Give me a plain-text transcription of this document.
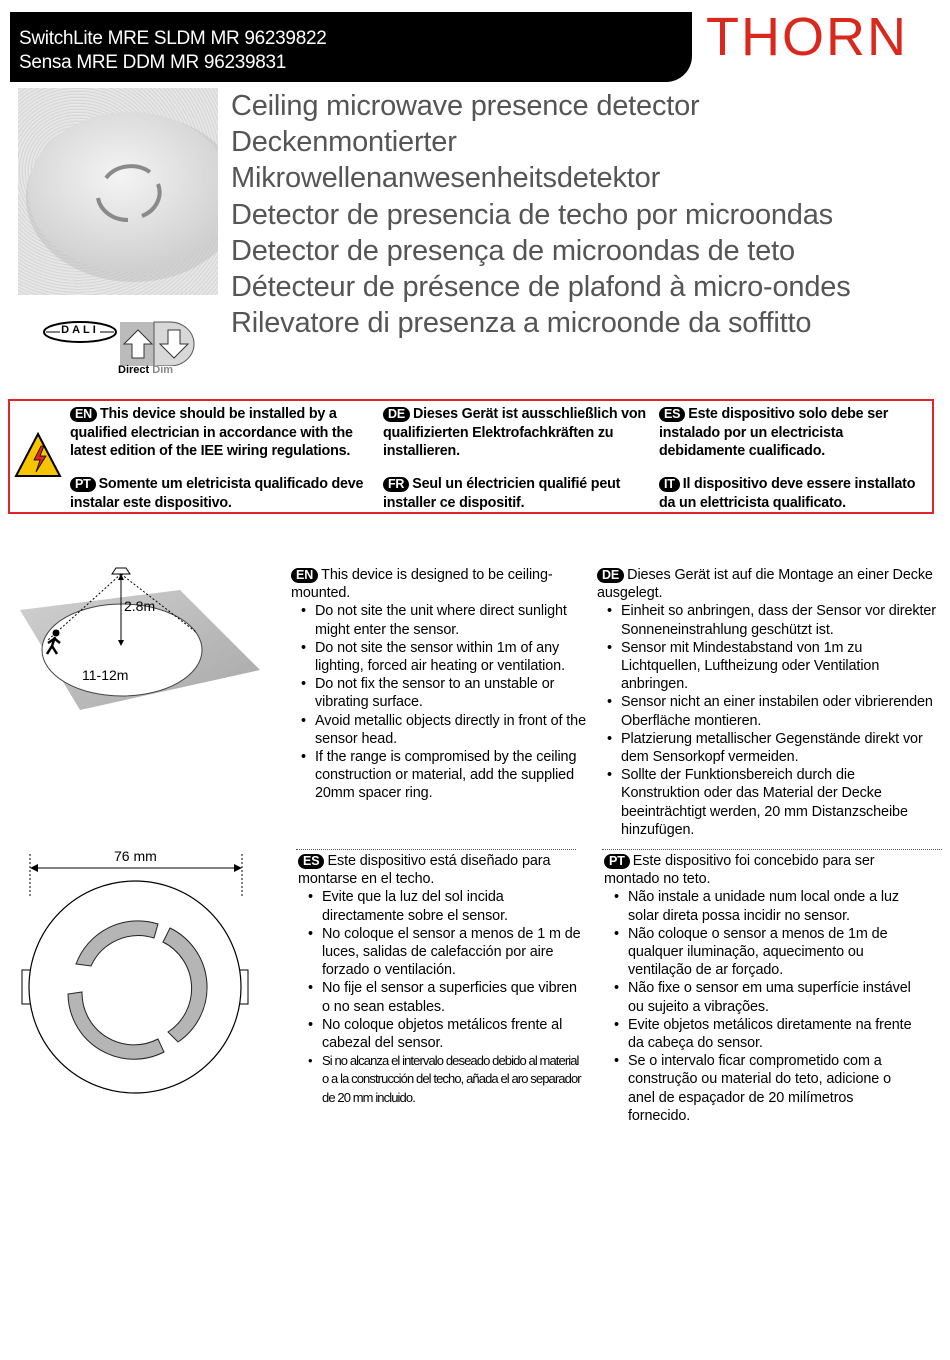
SwitchLite MRE SLDM MR 96239822
Sensa MRE DDM MR 96239831	THORN
Ceiling microwave presence detector
Deckenmontierter
Mikrowellenanwesenheitsdetektor
Detector de presencia de techo por microondas
Detector de presença de microondas de teto
Détecteur de présence de plafond à micro-ondes
Rilevatore di presenza a microonde da soffitto
DALI
Direct Dim
EN This device should be installed by a qualified electrician in accordance with the latest edition of the IEE wiring regulations.
DE Dieses Gerät ist ausschließlich von qualifizierten Elektrofachkräften zu installieren.
ES Este dispositivo solo debe ser instalado por un electricista debidamente cualificado.
PT Somente um eletricista qualificado deve instalar este dispositivo.
FR Seul un électricien qualifié peut installer ce dispositif.
IT Il dispositivo deve essere installato da un elettricista qualificato.
2.8m
11-12m
76 mm
EN This device is designed to be ceiling-mounted.
• Do not site the unit where direct sunlight might enter the sensor.
• Do not site the sensor within 1m of any lighting, forced air heating or ventilation.
• Do not fix the sensor to an unstable or vibrating surface.
• Avoid metallic objects directly in front of the sensor head.
• If the range is compromised by the ceiling construction or material, add the supplied 20mm spacer ring.
DE Dieses Gerät ist auf die Montage an einer Decke ausgelegt.
• Einheit so anbringen, dass der Sensor vor direkter Sonneneinstrahlung geschützt ist.
• Sensor mit Mindestabstand von 1m zu Lichtquellen, Luftheizung oder Ventilation anbringen.
• Sensor nicht an einer instabilen oder vibrierenden Oberfläche montieren.
• Platzierung metallischer Gegenstände direkt vor dem Sensorkopf vermeiden.
• Sollte der Funktionsbereich durch die Konstruktion oder das Material der Decke beeinträchtigt werden, 20 mm Distanzscheibe hinzufügen.
ES Este dispositivo está diseñado para montarse en el techo.
• Evite que la luz del sol incida directamente sobre el sensor.
• No coloque el sensor a menos de 1 m de luces, salidas de calefacción por aire forzado o ventilación.
• No fije el sensor a superficies que vibren o no sean estables.
• No coloque objetos metálicos frente al cabezal del sensor.
• Si no alcanza el intervalo deseado debido al material o a la construcción del techo, añada el aro separador de 20 mm incluido.
PT Este dispositivo foi concebido para ser montado no teto.
• Não instale a unidade num local onde a luz solar direta possa incidir no sensor.
• Não coloque o sensor a menos de 1m de qualquer iluminação, aquecimento ou ventilação de ar forçado.
• Não fixe o sensor em uma superfície instável ou sujeito a vibrações.
• Evite objetos metálicos diretamente na frente da cabeça do sensor.
• Se o intervalo ficar comprometido com a construção ou material do teto, adicione o anel de espaçador de 20 milímetros fornecido.
